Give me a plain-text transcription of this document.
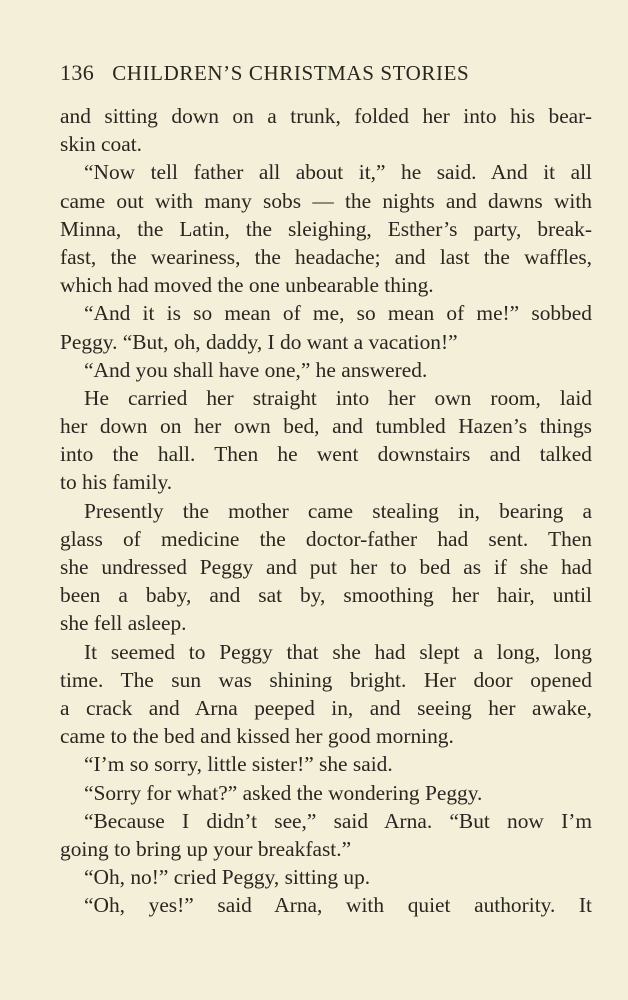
136 CHILDREN’S CHRISTMAS STORIES
and sitting down on a trunk, folded her into his bear-
skin coat.
“Now tell father all about it,” he said. And it all
came out with many sobs — the nights and dawns with
Minna, the Latin, the sleighing, Esther’s party, break-
fast, the weariness, the headache; and last the waffles,
which had moved the one unbearable thing.
“And it is so mean of me, so mean of me!” sobbed
Peggy. “But, oh, daddy, I do want a vacation!”
“And you shall have one,” he answered.
He carried her straight into her own room, laid
her down on her own bed, and tumbled Hazen’s things
into the hall. Then he went downstairs and talked
to his family.
Presently the mother came stealing in, bearing a
glass of medicine the doctor-father had sent. Then
she undressed Peggy and put her to bed as if she had
been a baby, and sat by, smoothing her hair, until
she fell asleep.
It seemed to Peggy that she had slept a long, long
time. The sun was shining bright. Her door opened
a crack and Arna peeped in, and seeing her awake,
came to the bed and kissed her good morning.
“I’m so sorry, little sister!” she said.
“Sorry for what?” asked the wondering Peggy.
“Because I didn’t see,” said Arna. “But now I’m
going to bring up your breakfast.”
“Oh, no!” cried Peggy, sitting up.
“Oh, yes!” said Arna, with quiet authority. It
